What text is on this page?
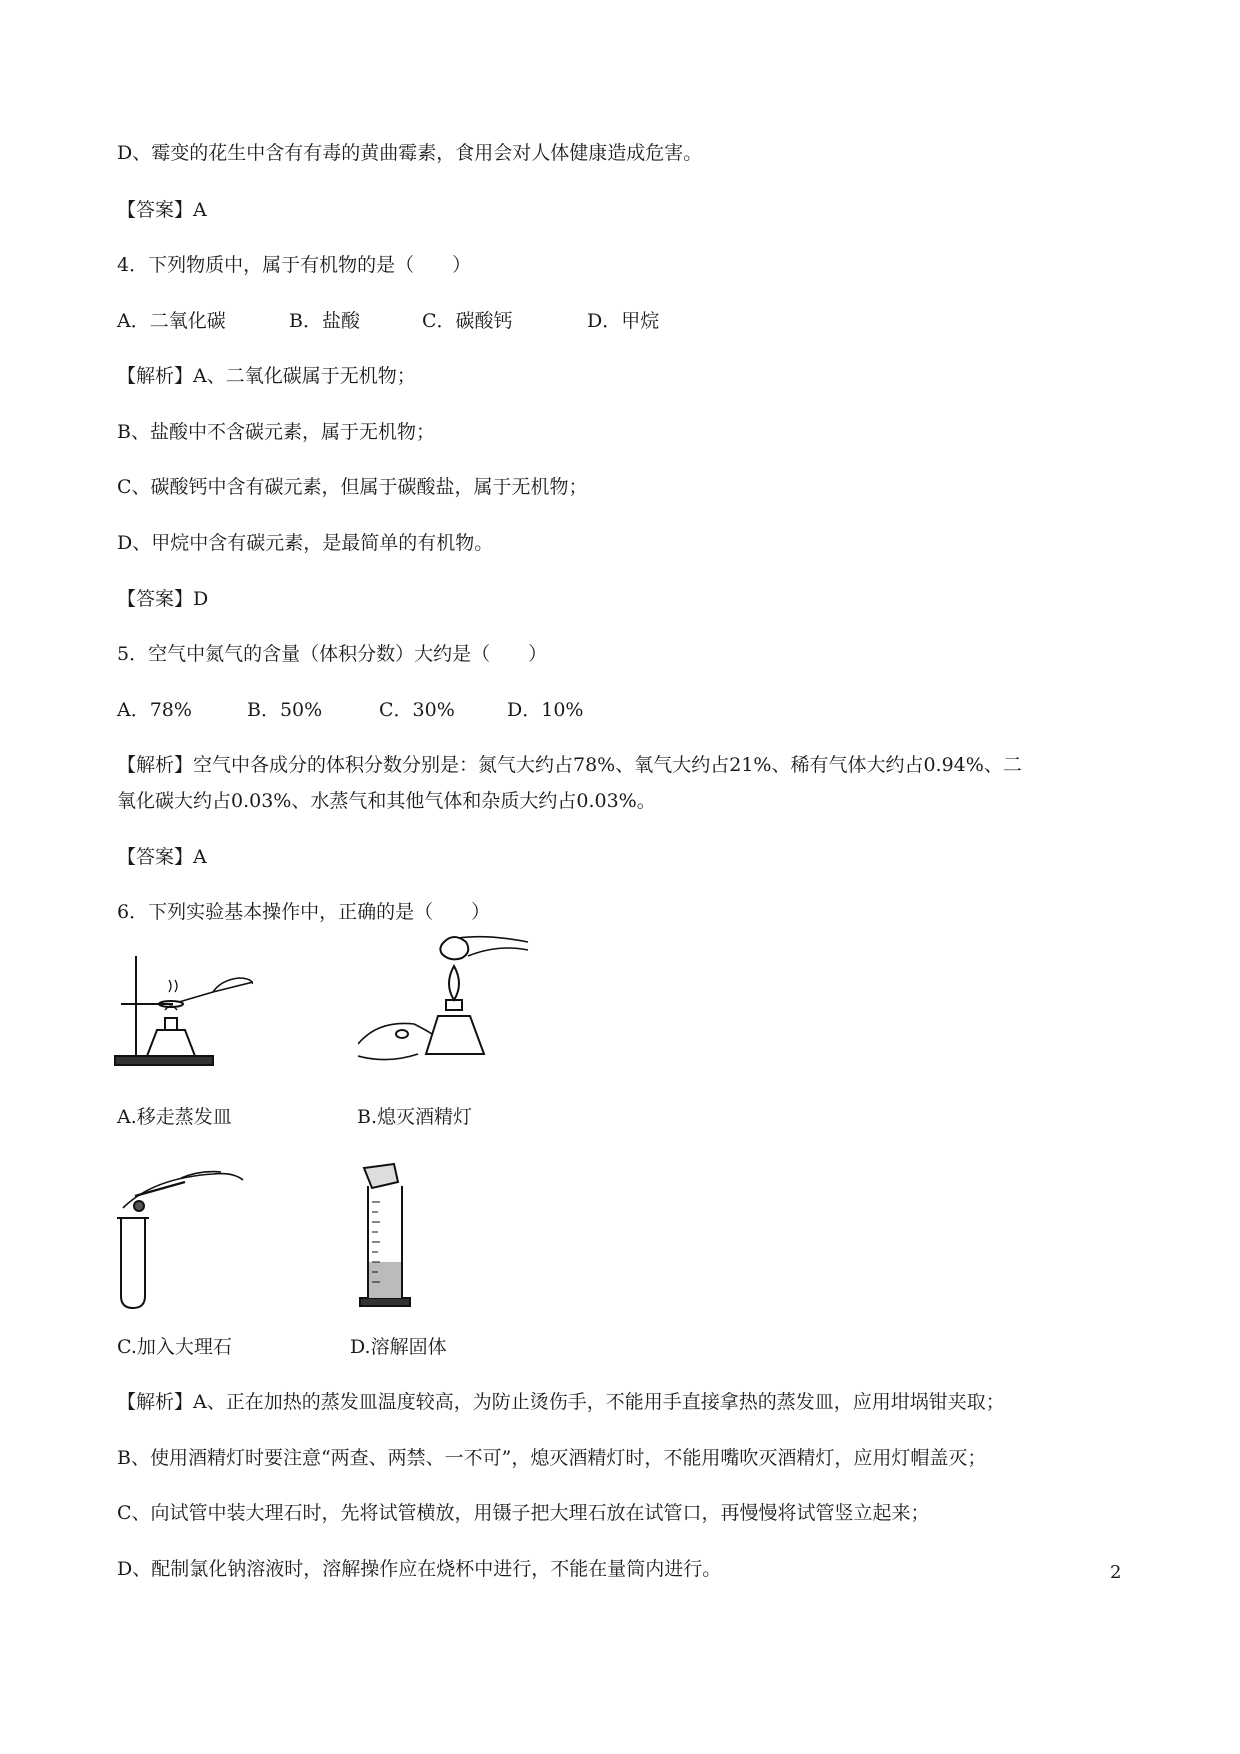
D、霉变的花生中含有有毒的黄曲霉素，食用会对人体健康造成危害。
【答案】A
4．下列物质中，属于有机物的是（　　）
A．二氧化碳	B．盐酸	C．碳酸钙	D．甲烷
【解析】A、二氧化碳属于无机物；
B、盐酸中不含碳元素，属于无机物；
C、碳酸钙中含有碳元素，但属于碳酸盐，属于无机物；
D、甲烷中含有碳元素，是最简单的有机物。
【答案】D
5．空气中氮气的含量（体积分数）大约是（　　）
A．78%	B．50%	C．30%	D．10%
【解析】空气中各成分的体积分数分别是：氮气大约占78%、氧气大约占21%、稀有气体大约占0.94%、二
氧化碳大约占0.03%、水蒸气和其他气体和杂质大约占0.03%。
【答案】A
6．下列实验基本操作中，正确的是（　　）
A.移走蒸发皿	B.熄灭酒精灯
C.加入大理石	D.溶解固体
【解析】A、正在加热的蒸发皿温度较高，为防止烫伤手，不能用手直接拿热的蒸发皿，应用坩埚钳夹取；
B、使用酒精灯时要注意“两查、两禁、一不可”，熄灭酒精灯时，不能用嘴吹灭酒精灯，应用灯帽盖灭；
C、向试管中装大理石时，先将试管横放，用镊子把大理石放在试管口，再慢慢将试管竖立起来；
D、配制氯化钠溶液时，溶解操作应在烧杯中进行，不能在量筒内进行。	2
